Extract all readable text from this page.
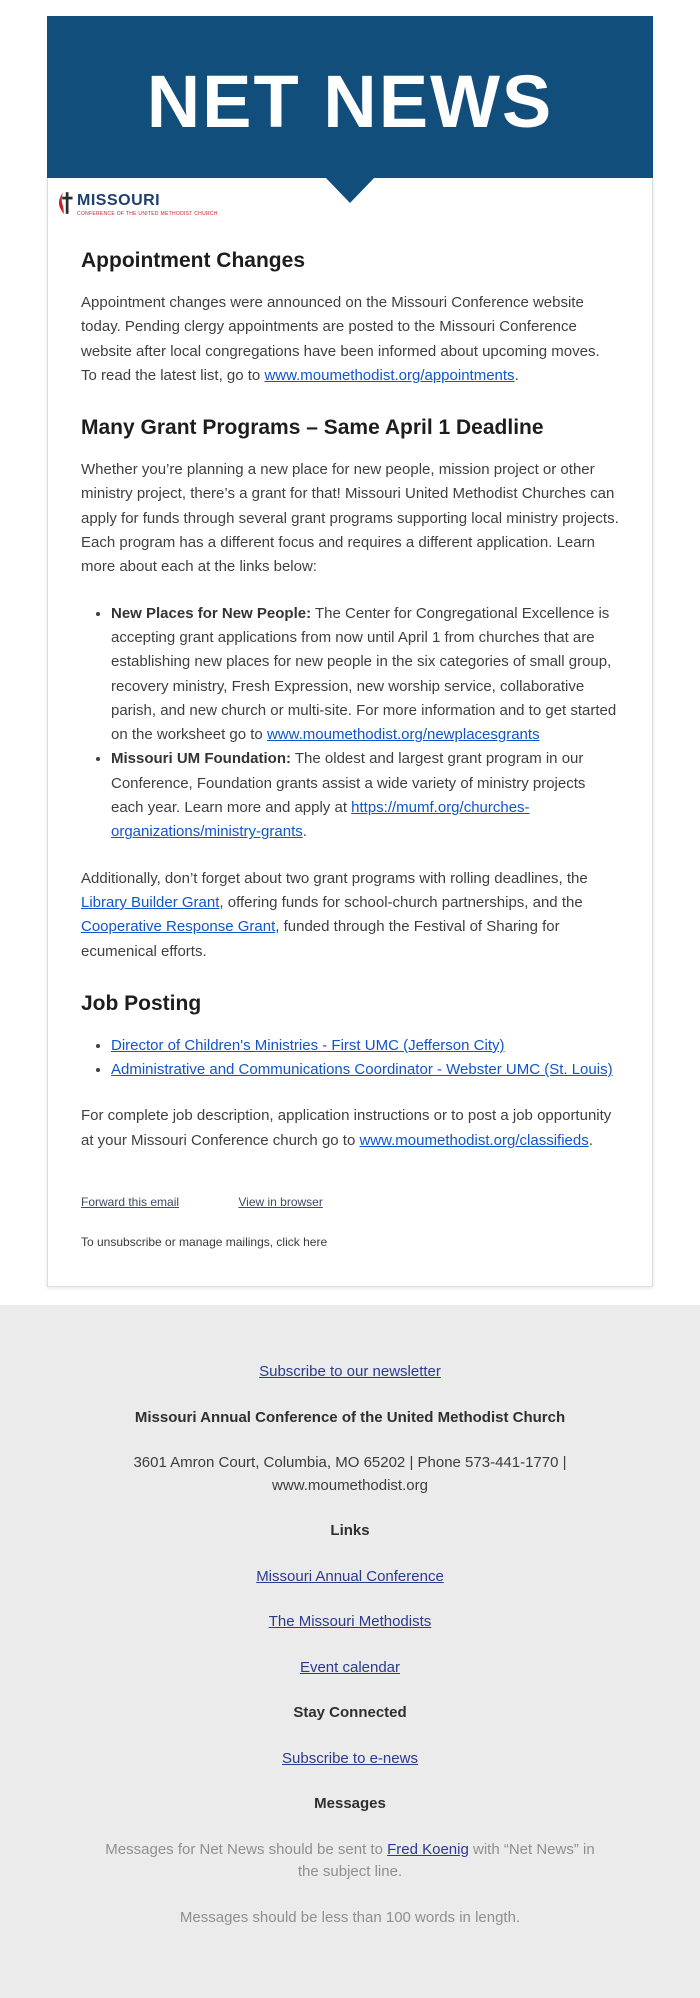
NET NEWS
MISSOURI
CONFERENCE OF THE UNITED METHODIST CHURCH
Appointment Changes

Appointment changes were announced on the Missouri Conference website today. Pending clergy appointments are posted to the Missouri Conference website after local congregations have been informed about upcoming moves. To read the latest list, go to www.moumethodist.org/appointments.

Many Grant Programs – Same April 1 Deadline

Whether you’re planning a new place for new people, mission project or other ministry project, there’s a grant for that! Missouri United Methodist Churches can apply for funds through several grant programs supporting local ministry projects. Each program has a different focus and requires a different application. Learn more about each at the links below:

• New Places for New People: The Center for Congregational Excellence is accepting grant applications from now until April 1 from churches that are establishing new places for new people in the six categories of small group, recovery ministry, Fresh Expression, new worship service, collaborative parish, and new church or multi-site. For more information and to get started on the worksheet go to www.moumethodist.org/newplacesgrants
• Missouri UM Foundation: The oldest and largest grant program in our Conference, Foundation grants assist a wide variety of ministry projects each year. Learn more and apply at https://mumf.org/churches-organizations/ministry-grants.

Additionally, don’t forget about two grant programs with rolling deadlines, the Library Builder Grant, offering funds for school-church partnerships, and the Cooperative Response Grant, funded through the Festival of Sharing for ecumenical efforts.

Job Posting
• Director of Children's Ministries - First UMC (Jefferson City)
• Administrative and Communications Coordinator - Webster UMC (St. Louis)

For complete job description, application instructions or to post a job opportunity at your Missouri Conference church go to www.moumethodist.org/classifieds.

Forward this email	View in browser

To unsubscribe or manage mailings, click here

Subscribe to our newsletter
Missouri Annual Conference of the United Methodist Church
3601 Amron Court, Columbia, MO 65202 | Phone 573-441-1770 | www.moumethodist.org
Links
Missouri Annual Conference
The Missouri Methodists
Event calendar
Stay Connected
Subscribe to e-news
Messages
Messages for Net News should be sent to Fred Koenig with “Net News” in the subject line.
Messages should be less than 100 words in length.
